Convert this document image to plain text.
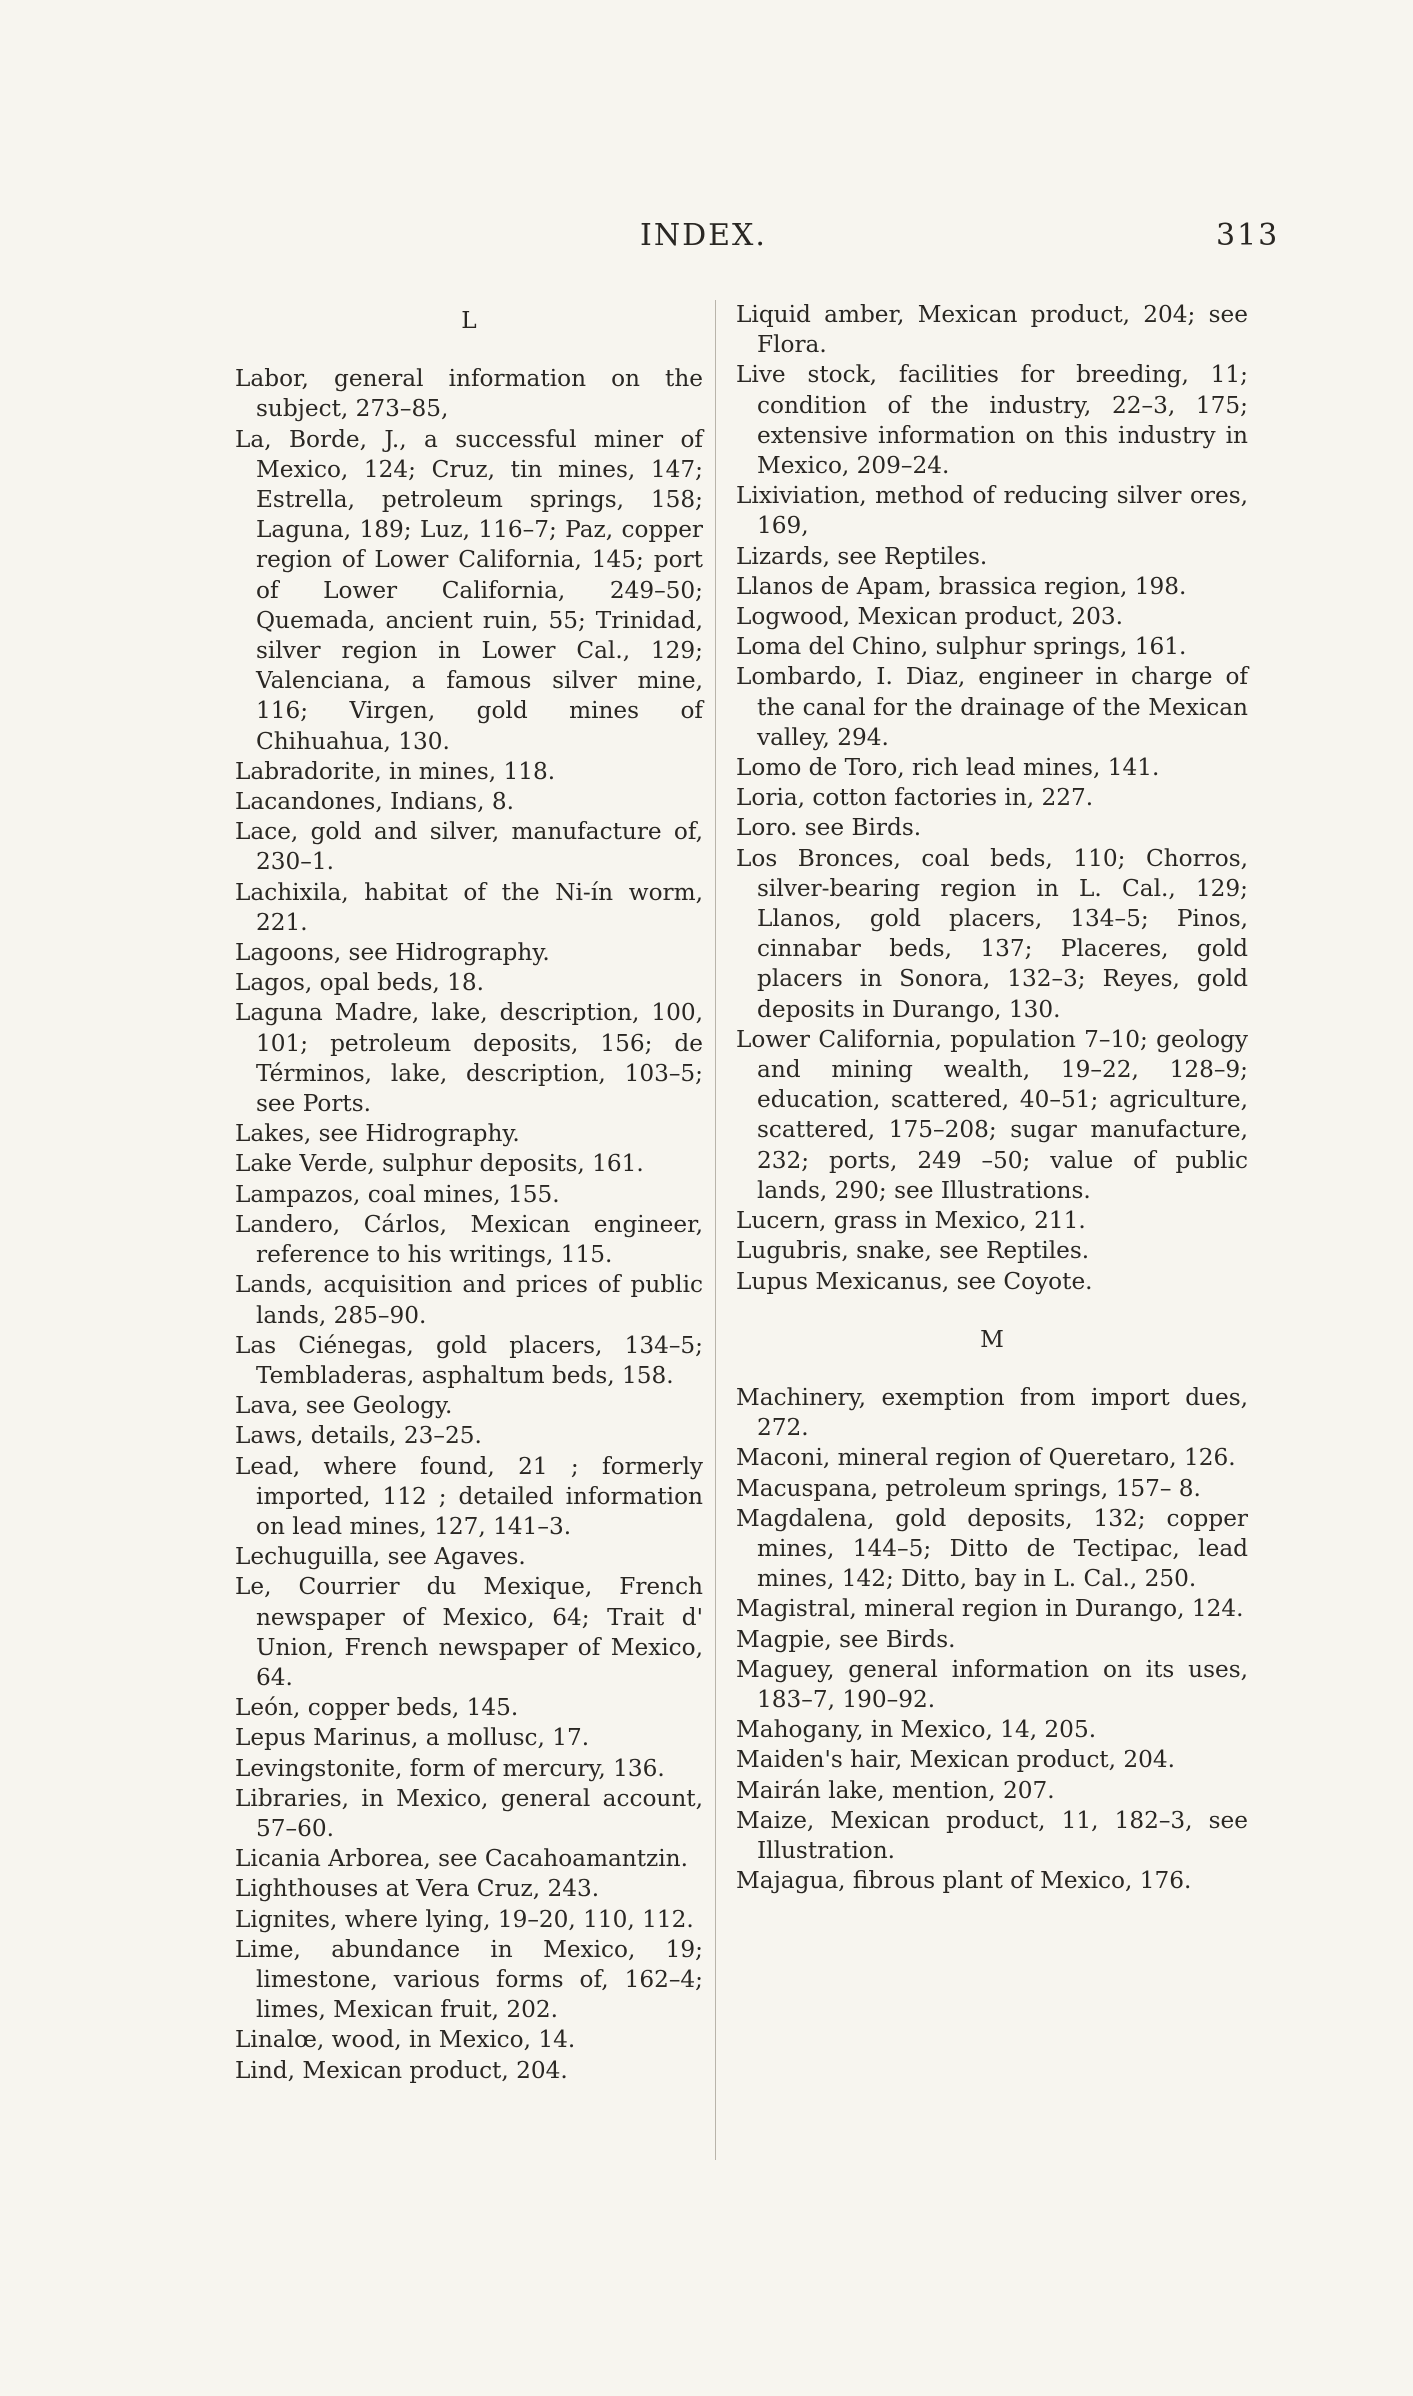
INDEX.	313
L
Labor, general information on the subject, 273–85,
La, Borde, J., a successful miner of Mexico, 124; Cruz, tin mines, 147; Estrella, petroleum springs, 158; Laguna, 189; Luz, 116–7; Paz, copper region of Lower California, 145; port of Lower California, 249–50; Quemada, ancient ruin, 55; Trinidad, silver region in Lower Cal., 129; Valenciana, a famous silver mine, 116; Virgen, gold mines of Chihuahua, 130.
Labradorite, in mines, 118.
Lacandones, Indians, 8.
Lace, gold and silver, manufacture of, 230–1.
Lachixila, habitat of the Ni-ín worm, 221.
Lagoons, see Hidrography.
Lagos, opal beds, 18.
Laguna Madre, lake, description, 100, 101; petroleum deposits, 156; de Términos, lake, description, 103–5; see Ports.
Lakes, see Hidrography.
Lake Verde, sulphur deposits, 161.
Lampazos, coal mines, 155.
Landero, Cárlos, Mexican engineer, reference to his writings, 115.
Lands, acquisition and prices of public lands, 285–90.
Las Ciénegas, gold placers, 134–5; Tembladeras, asphaltum beds, 158.
Lava, see Geology.
Laws, details, 23–25.
Lead, where found, 21 ; formerly imported, 112 ; detailed information on lead mines, 127, 141–3.
Lechuguilla, see Agaves.
Le, Courrier du Mexique, French newspaper of Mexico, 64; Trait d' Union, French newspaper of Mexico, 64.
León, copper beds, 145.
Lepus Marinus, a mollusc, 17.
Levingstonite, form of mercury, 136.
Libraries, in Mexico, general account, 57–60.
Licania Arborea, see Cacahoamantzin.
Lighthouses at Vera Cruz, 243.
Lignites, where lying, 19–20, 110, 112.
Lime, abundance in Mexico, 19; limestone, various forms of, 162–4; limes, Mexican fruit, 202.
Linalœ, wood, in Mexico, 14.
Lind, Mexican product, 204.
Liquid amber, Mexican product, 204; see Flora.
Live stock, facilities for breeding, 11; condition of the industry, 22–3, 175; extensive information on this industry in Mexico, 209–24.
Lixiviation, method of reducing silver ores, 169,
Lizards, see Reptiles.
Llanos de Apam, brassica region, 198.
Logwood, Mexican product, 203.
Loma del Chino, sulphur springs, 161.
Lombardo, I. Diaz, engineer in charge of the canal for the drainage of the Mexican valley, 294.
Lomo de Toro, rich lead mines, 141.
Loria, cotton factories in, 227.
Loro. see Birds.
Los Bronces, coal beds, 110; Chorros, silver-bearing region in L. Cal., 129; Llanos, gold placers, 134–5; Pinos, cinnabar beds, 137; Placeres, gold placers in Sonora, 132–3; Reyes, gold deposits in Durango, 130.
Lower California, population 7–10; geology and mining wealth, 19–22, 128–9; education, scattered, 40–51; agriculture, scattered, 175–208; sugar manufacture, 232; ports, 249 –50; value of public lands, 290; see Illustrations.
Lucern, grass in Mexico, 211.
Lugubris, snake, see Reptiles.
Lupus Mexicanus, see Coyote.
M
Machinery, exemption from import dues, 272.
Maconi, mineral region of Queretaro, 126.
Macuspana, petroleum springs, 157– 8.
Magdalena, gold deposits, 132; copper mines, 144–5; Ditto de Tectipac, lead mines, 142; Ditto, bay in L. Cal., 250.
Magistral, mineral region in Durango, 124.
Magpie, see Birds.
Maguey, general information on its uses, 183–7, 190–92.
Mahogany, in Mexico, 14, 205.
Maiden's hair, Mexican product, 204.
Mairán lake, mention, 207.
Maize, Mexican product, 11, 182–3, see Illustration.
Majagua, fibrous plant of Mexico, 176.
